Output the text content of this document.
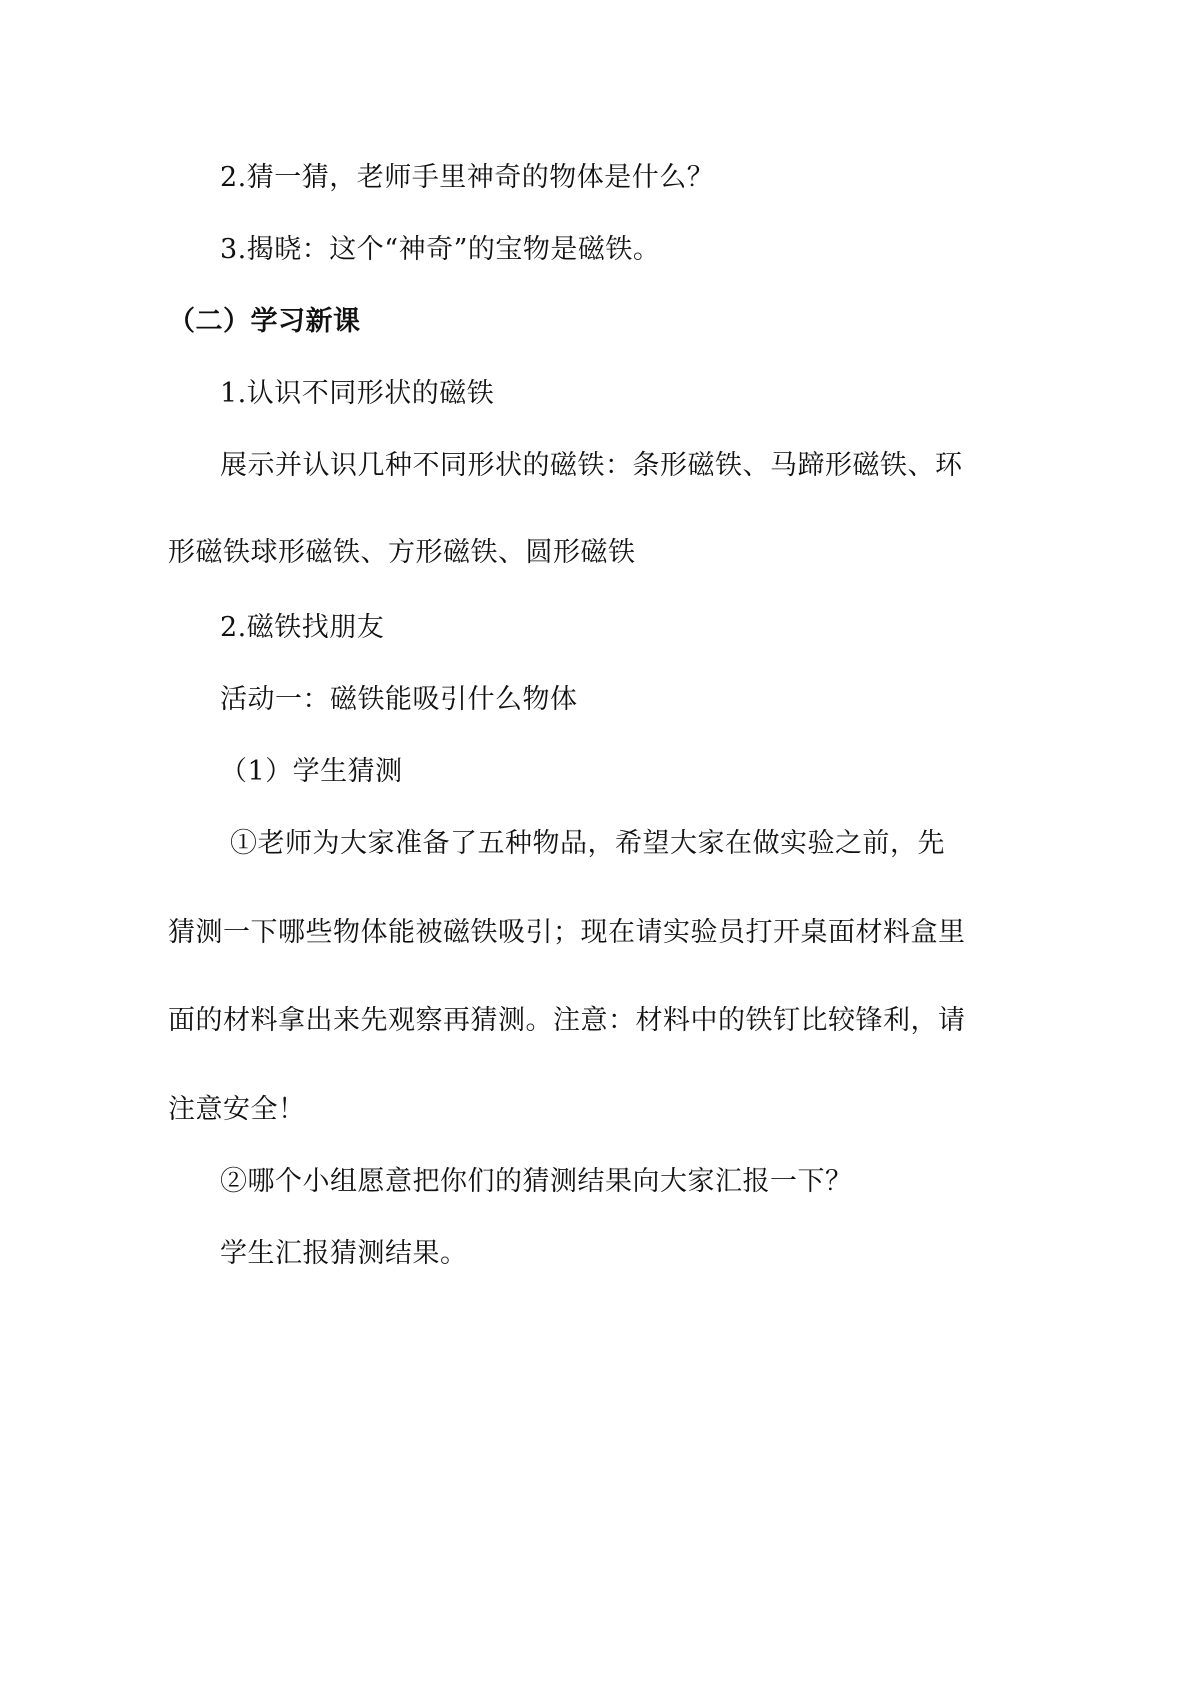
2.猜一猜，老师手里神奇的物体是什么？
3.揭晓：这个“神奇”的宝物是磁铁。
（二）学习新课
1.认识不同形状的磁铁
展示并认识几种不同形状的磁铁：条形磁铁、马蹄形磁铁、环
形磁铁球形磁铁、方形磁铁、圆形磁铁
2.磁铁找朋友
活动一：磁铁能吸引什么物体
（1）学生猜测
①老师为大家准备了五种物品，希望大家在做实验之前，先
猜测一下哪些物体能被磁铁吸引；现在请实验员打开桌面材料盒里
面的材料拿出来先观察再猜测。注意：材料中的铁钉比较锋利，请
注意安全！
②哪个小组愿意把你们的猜测结果向大家汇报一下？
学生汇报猜测结果。
